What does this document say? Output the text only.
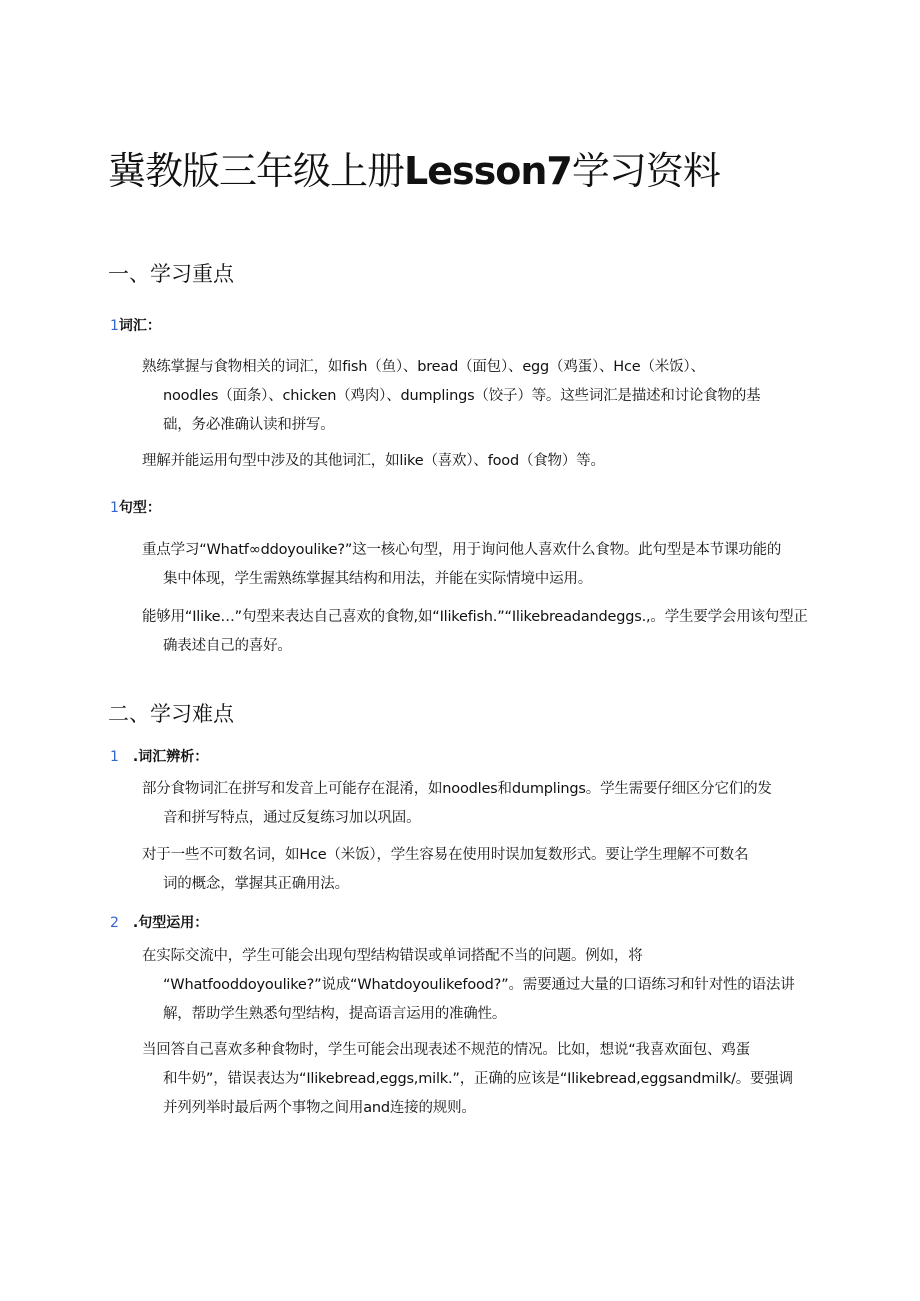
冀教版三年级上册Lesson7学习资料
一、学习重点
1词汇：
熟练掌握与食物相关的词汇，如fish（鱼）、bread（面包）、egg（鸡蛋）、Hce（米饭）、
noodles（面条）、chicken（鸡肉）、dumplings（饺子）等。这些词汇是描述和讨论食物的基
础，务必准确认读和拼写。
理解并能运用句型中涉及的其他词汇，如like（喜欢）、food（食物）等。
1句型：
重点学习“Whatf∞ddoyoulike?”这一核心句型，用于询问他人喜欢什么食物。此句型是本节课功能的
集中体现，学生需熟练掌握其结构和用法，并能在实际情境中运用。
能够用“Ilike…”句型来表达自己喜欢的食物,如“Ilikefish.”“Ilikebreadandeggs.,。学生要学会用该句型正
确表述自己的喜好。
二、学习难点
1 .词汇辨析：
部分食物词汇在拼写和发音上可能存在混淆，如noodles和dumplings。学生需要仔细区分它们的发
音和拼写特点，通过反复练习加以巩固。
对于一些不可数名词，如Hce（米饭），学生容易在使用时误加复数形式。要让学生理解不可数名
词的概念，掌握其正确用法。
2 .句型运用：
在实际交流中，学生可能会出现句型结构错误或单词搭配不当的问题。例如，将
“Whatfooddoyoulike?”说成“Whatdoyoulikefood?”。需要通过大量的口语练习和针对性的语法讲
解，帮助学生熟悉句型结构，提高语言运用的准确性。
当回答自己喜欢多种食物时，学生可能会出现表述不规范的情况。比如，想说“我喜欢面包、鸡蛋
和牛奶”，错误表达为“Ilikebread,eggs,milk.”，正确的应该是“Ilikebread,eggsandmilk/。要强调
并列列举时最后两个事物之间用and连接的规则。
